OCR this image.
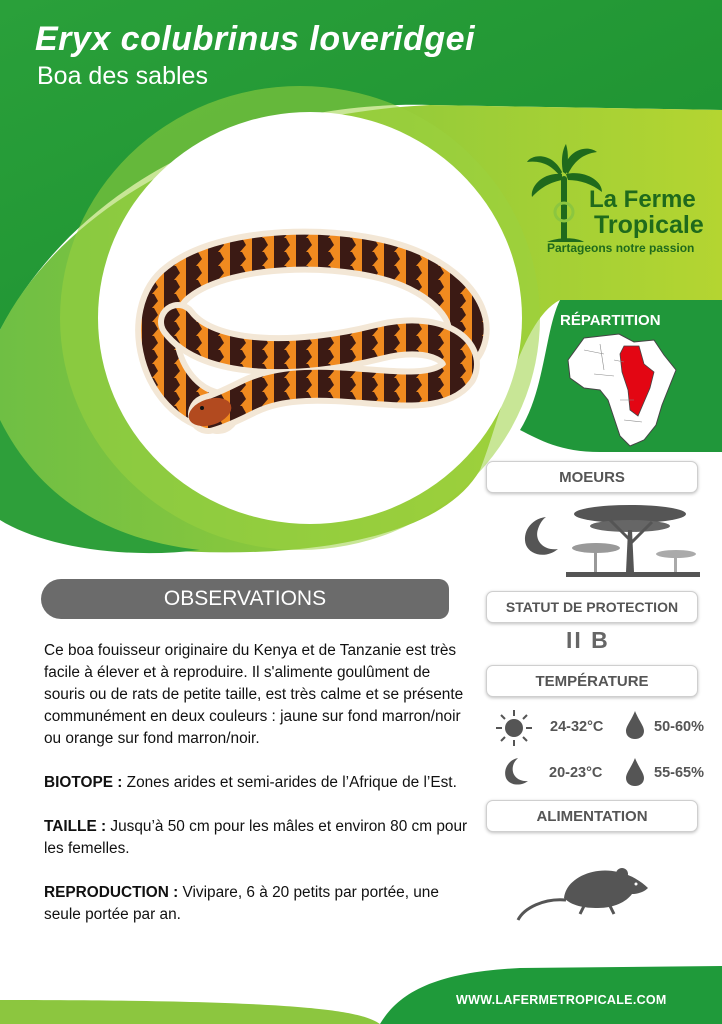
Eryx colubrinus loveridgei
Boa des sables
La Ferme
Tropicale
Partageons notre passion
RÉPARTITION
MOEURS
STATUT DE PROTECTION
II B
TEMPÉRATURE
24-32°C	50-60%
20-23°C	55-65%
ALIMENTATION
OBSERVATIONS

Ce boa fouisseur originaire du Kenya et de Tanzanie est très facile à élever et à reproduire. Il s'alimente goulûment de souris ou de rats de petite taille, est très calme et se présente communément en deux couleurs : jaune sur fond marron/noir ou orange sur fond marron/noir.

BIOTOPE : Zones arides et semi-arides de l’Afrique de l’Est.

TAILLE : Jusqu’à 50 cm pour les mâles et environ 80 cm pour les femelles.

REPRODUCTION : Vivipare, 6 à 20 petits par portée, une seule portée par an.

WWW.LAFERMETROPICALE.COM
